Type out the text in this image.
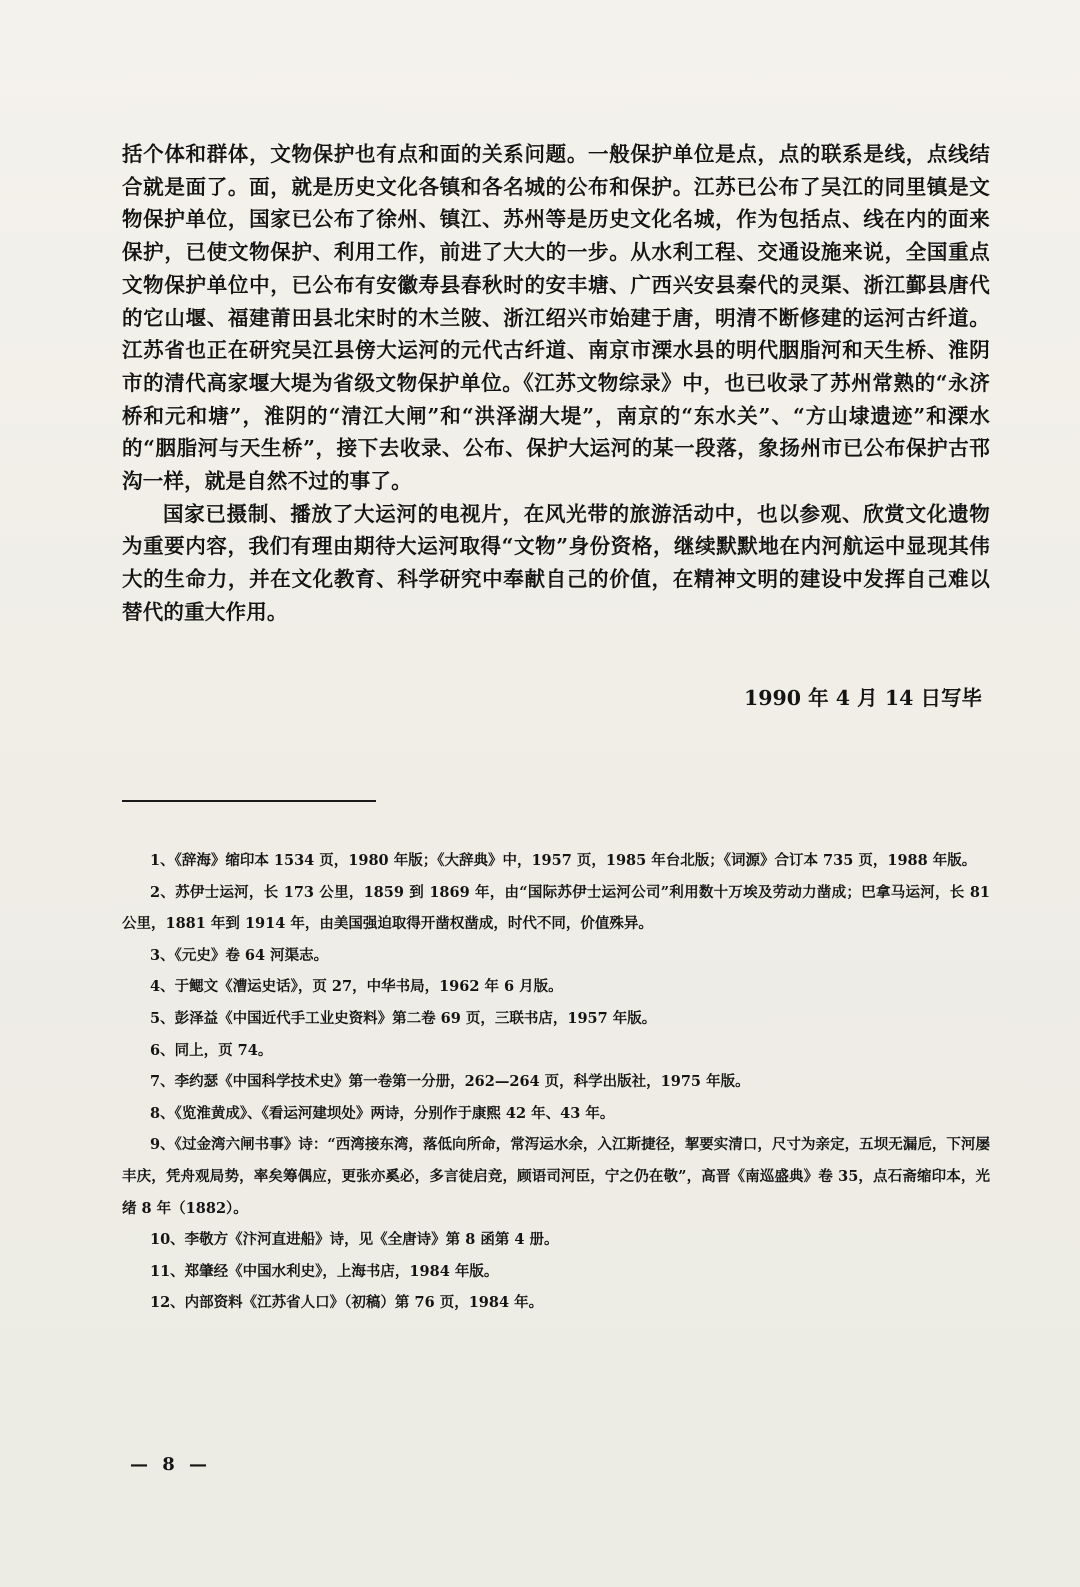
括个体和群体，文物保护也有点和面的关系问题。一般保护单位是点，点的联系是线，点线结合就是面了。面，就是历史文化各镇和各名城的公布和保护。江苏已公布了吴江的同里镇是文物保护单位，国家已公布了徐州、镇江、苏州等是历史文化名城，作为包括点、线在内的面来保护，已使文物保护、利用工作，前进了大大的一步。从水利工程、交通设施来说，全国重点文物保护单位中，已公布有安徽寿县春秋时的安丰塘、广西兴安县秦代的灵渠、浙江鄞县唐代的它山堰、福建莆田县北宋时的木兰陂、浙江绍兴市始建于唐，明清不断修建的运河古纤道。江苏省也正在研究吴江县傍大运河的元代古纤道、南京市溧水县的明代胭脂河和天生桥、淮阴市的清代高家堰大堤为省级文物保护单位。《江苏文物综录》中，也已收录了苏州常熟的“永济桥和元和塘”，淮阴的“清江大闸”和“洪泽湖大堤”，南京的“东水关”、“方山埭遗迹”和溧水的“胭脂河与天生桥”，接下去收录、公布、保护大运河的某一段落，象扬州市已公布保护古邗沟一样，就是自然不过的事了。

国家已摄制、播放了大运河的电视片，在风光带的旅游活动中，也以参观、欣赏文化遗物为重要内容，我们有理由期待大运河取得“文物”身份资格，继续默默地在内河航运中显现其伟大的生命力，并在文化教育、科学研究中奉献自己的价值，在精神文明的建设中发挥自己难以替代的重大作用。

1990 年 4 月 14 日写毕

1、《辞海》缩印本 1534 页，1980 年版；《大辞典》中，1957 页，1985 年台北版；《词源》合订本 735 页，1988 年版。

2、苏伊士运河，长 173 公里，1859 到 1869 年，由“国际苏伊士运河公司”利用数十万埃及劳动力凿成；巴拿马运河，长 81 公里，1881 年到 1914 年，由美国强迫取得开凿权凿成，时代不同，价值殊异。

3、《元史》卷 64 河渠志。

4、于鳃文《漕运史话》，页 27，中华书局，1962 年 6 月版。

5、彭泽益《中国近代手工业史资料》第二卷 69 页，三联书店，1957 年版。

6、同上，页 74。

7、李约瑟《中国科学技术史》第一卷第一分册，262—264 页，科学出版社，1975 年版。

8、《览淮黄成》、《看运河建坝处》两诗，分别作于康熙 42 年、43 年。

9、《过金湾六闸书事》诗：“西湾接东湾，落低向所命，常泻运水余，入江斯捷径，挈要实清口，尺寸为亲定，五坝无漏卮，下河屡丰庆，凭舟观局势，率矣筹偶应，更张亦奚必，多言徒启竞，顾语司河臣，宁之仍在敬”，高晋《南巡盛典》卷 35，点石斋缩印本，光绪 8 年（1882）。

10、李敬方《汴河直进船》诗，见《全唐诗》第 8 函第 4 册。

11、郑肇经《中国水利史》，上海书店，1984 年版。

12、内部资料《江苏省人口》（初稿）第 76 页，1984 年。

— 8 —
